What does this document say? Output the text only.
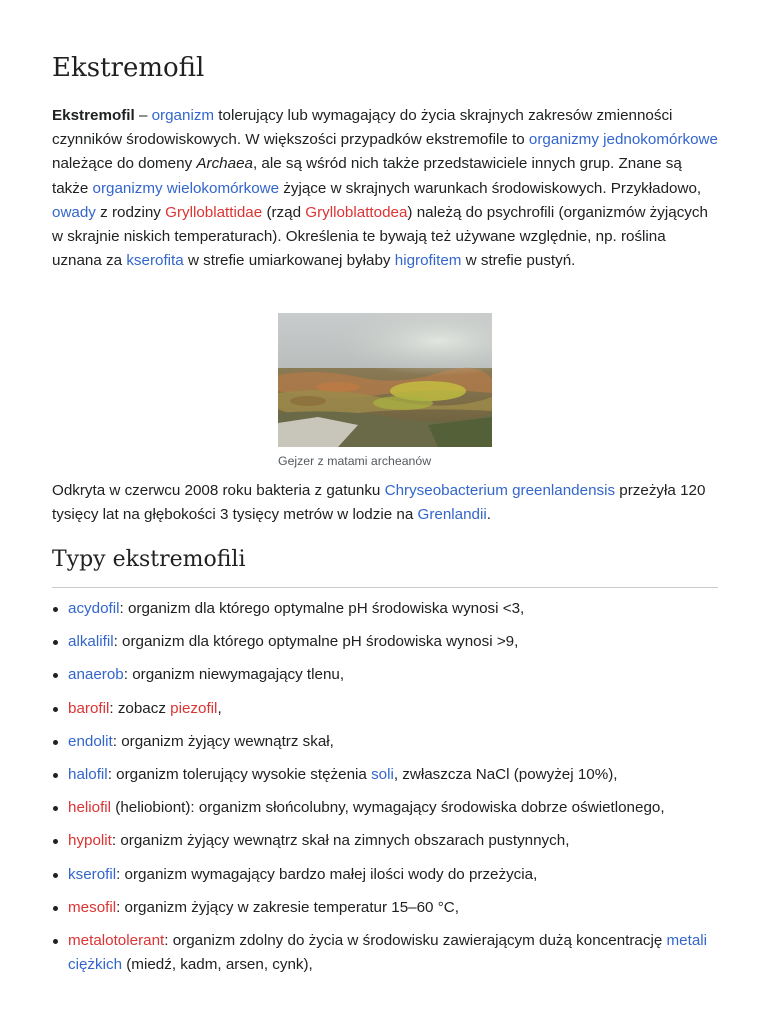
Ekstremofil

Ekstremofil – organizm tolerujący lub wymagający do życia skrajnych zakresów zmienności czynników środowiskowych. W większości przypadków ekstremofile to organizmy jednokomórkowe należące do domeny Archaea, ale są wśród nich także przedstawiciele innych grup. Znane są także organizmy wielokomórkowe żyjące w skrajnych warunkach środowiskowych. Przykładowo, owady z rodziny Grylloblattidae (rząd Grylloblattodea) należą do psychrofili (organizmów żyjących w skrajnie niskich temperaturach). Określenia te bywają też używane względnie, np. roślina uznana za kserofita w strefie umiarkowanej byłaby higrofitem w strefie pustyń.

Gejzer z matami archeanów

Odkryta w czerwcu 2008 roku bakteria z gatunku Chryseobacterium greenlandensis przeżyła 120 tysięcy lat na głębokości 3 tysięcy metrów w lodzie na Grenlandii.

Typy ekstremofili
acydofil: organizm dla którego optymalne pH środowiska wynosi <3,
alkalifil: organizm dla którego optymalne pH środowiska wynosi >9,
anaerob: organizm niewymagający tlenu,
barofil: zobacz piezofil,
endolit: organizm żyjący wewnątrz skał,
halofil: organizm tolerujący wysokie stężenia soli, zwłaszcza NaCl (powyżej 10%),
heliofil (heliobiont): organizm słońcolubny, wymagający środowiska dobrze oświetlonego,
hypolit: organizm żyjący wewnątrz skał na zimnych obszarach pustynnych,
kserofil: organizm wymagający bardzo małej ilości wody do przeżycia,
mesofil: organizm żyjący w zakresie temperatur 15–60 °C,
metalotolerant: organizm zdolny do życia w środowisku zawierającym dużą koncentrację metali ciężkich (miedź, kadm, arsen, cynk),
